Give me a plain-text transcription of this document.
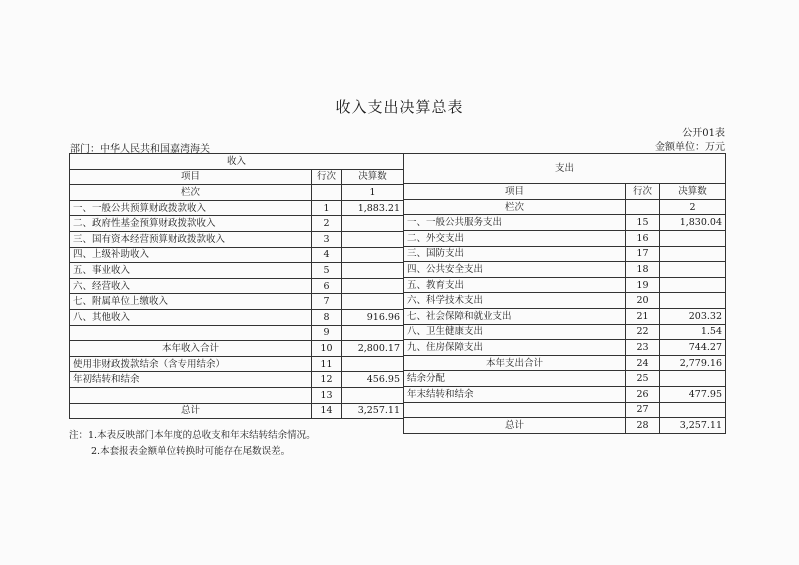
收入支出决算总表
部门：中华人民共和国嘉湾海关
公开01表
金额单位：万元
收入		
项目	行次	决算数
栏次		1
一、一般公共预算财政拨款收入	1	1,883.21
二、政府性基金预算财政拨款收入	2	
三、国有资本经营预算财政拨款收入	3	
四、上级补助收入	4	
五、事业收入	5	
六、经营收入	6	
七、附属单位上缴收入	7	
八、其他收入	8	916.96
	9	
本年收入合计	10	2,800.17
使用非财政拨款结余（含专用结余）	11	
年初结转和结余	12	456.95
	13	
总计	14	3,257.11
支出		
项目	行次	决算数
栏次		2
一、一般公共服务支出	15	1,830.04
二、外交支出	16	
三、国防支出	17	
四、公共安全支出	18	
五、教育支出	19	
六、科学技术支出	20	
七、社会保障和就业支出	21	203.32
八、卫生健康支出	22	1.54
九、住房保障支出	23	744.27
本年支出合计	24	2,779.16
结余分配	25	
年末结转和结余	26	477.95
	27	
总计	28	3,257.11
注：1.本表反映部门本年度的总收支和年末结转结余情况。
2.本套报表金额单位转换时可能存在尾数误差。
